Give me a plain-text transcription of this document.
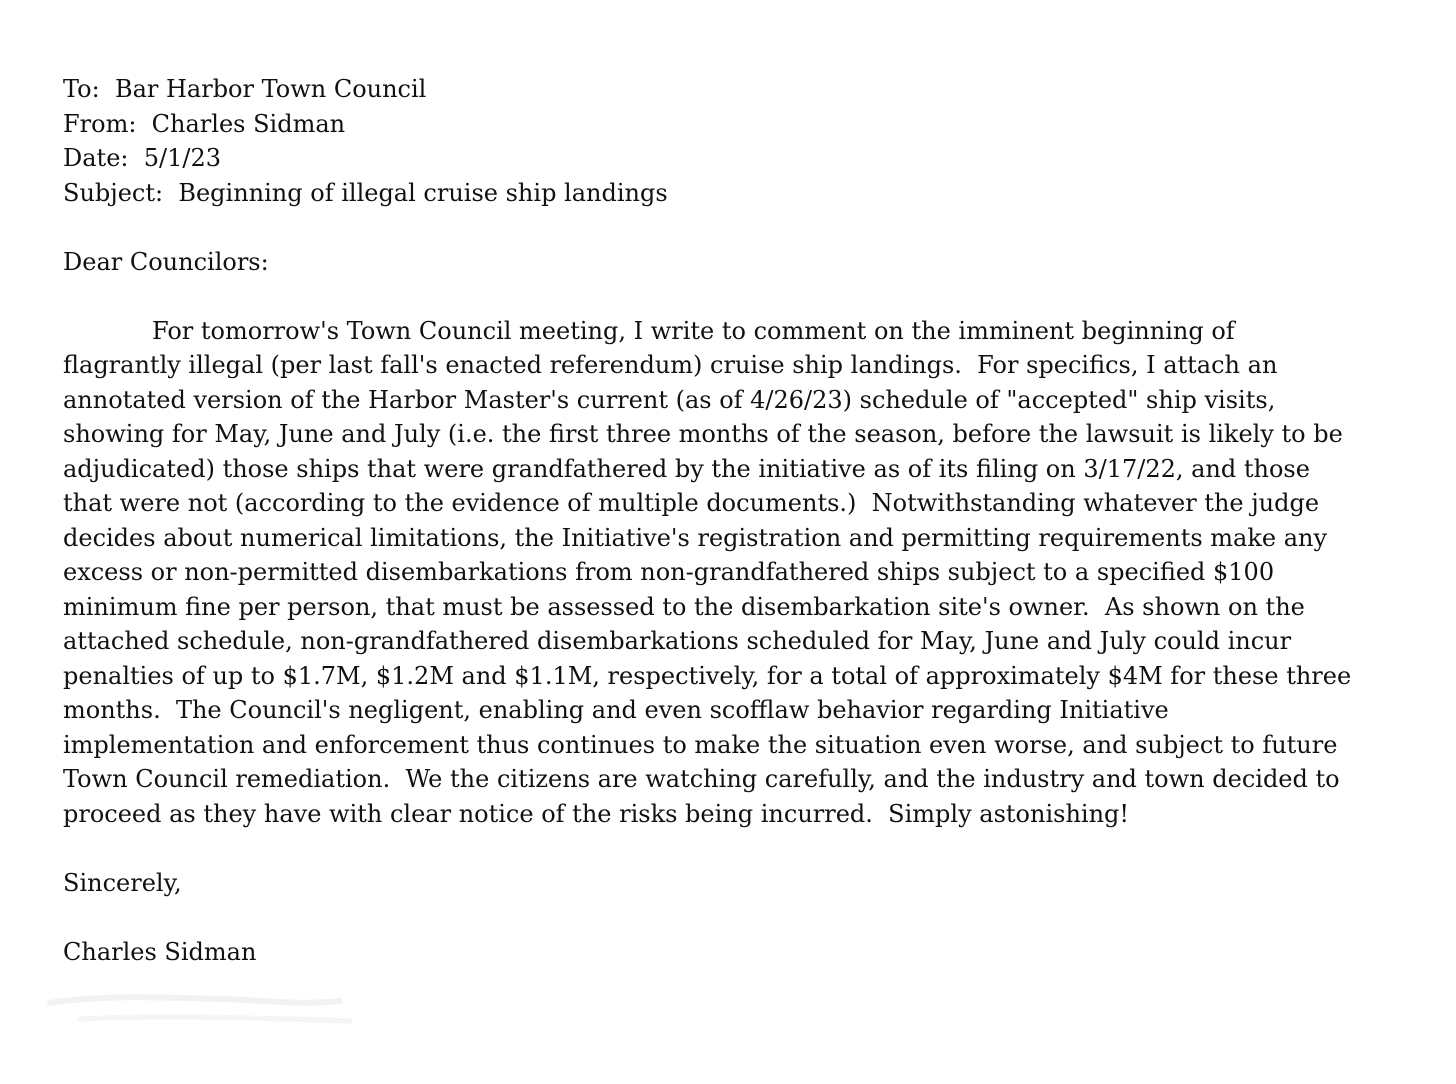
To:  Bar Harbor Town Council
From:  Charles Sidman
Date:  5/1/23
Subject:  Beginning of illegal cruise ship landings
Dear Councilors:
For tomorrow's Town Council meeting, I write to comment on the imminent beginning of
flagrantly illegal (per last fall's enacted referendum) cruise ship landings.  For specifics, I attach an
annotated version of the Harbor Master's current (as of 4/26/23) schedule of "accepted" ship visits,
showing for May, June and July (i.e. the first three months of the season, before the lawsuit is likely to be
adjudicated) those ships that were grandfathered by the initiative as of its filing on 3/17/22, and those
that were not (according to the evidence of multiple documents.)  Notwithstanding whatever the judge
decides about numerical limitations, the Initiative's registration and permitting requirements make any
excess or non-permitted disembarkations from non-grandfathered ships subject to a specified $100
minimum fine per person, that must be assessed to the disembarkation site's owner.  As shown on the
attached schedule, non-grandfathered disembarkations scheduled for May, June and July could incur
penalties of up to $1.7M, $1.2M and $1.1M, respectively, for a total of approximately $4M for these three
months.  The Council's negligent, enabling and even scofflaw behavior regarding Initiative
implementation and enforcement thus continues to make the situation even worse, and subject to future
Town Council remediation.  We the citizens are watching carefully, and the industry and town decided to
proceed as they have with clear notice of the risks being incurred.  Simply astonishing!
Sincerely,
Charles Sidman
